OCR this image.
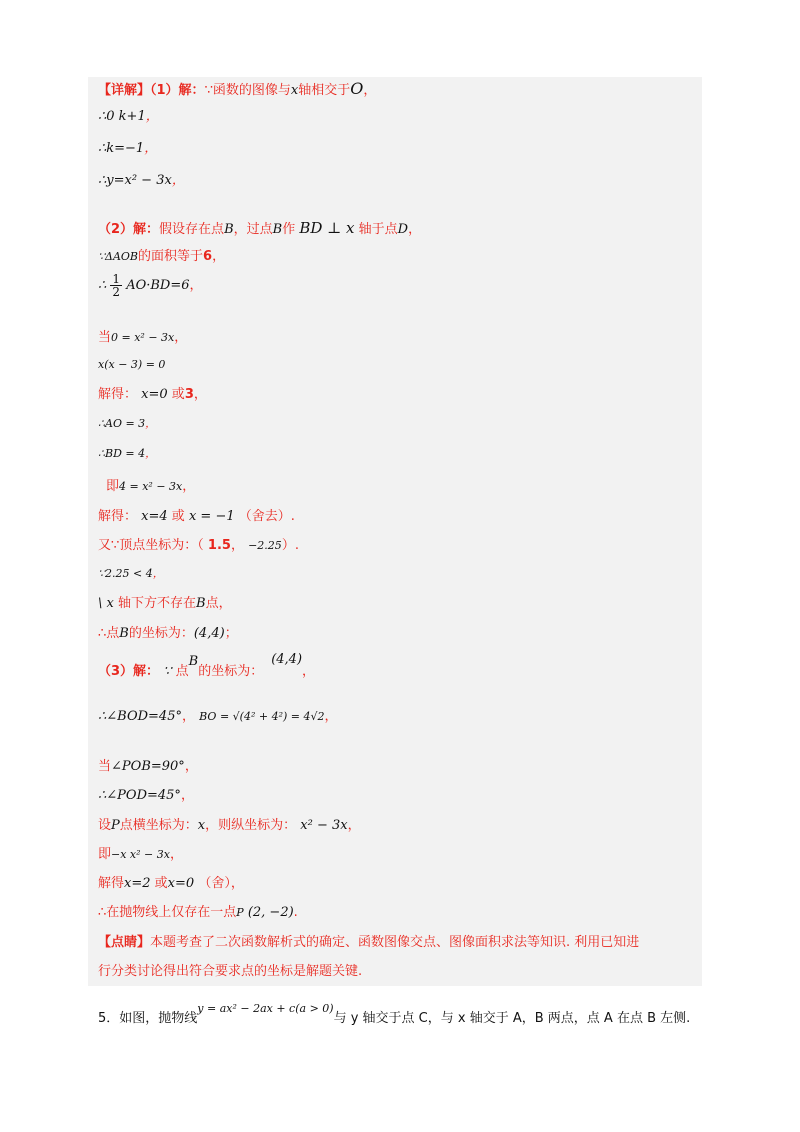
【详解】（1）解：∵函数的图像与x轴相交于O，
∴0 k+1，
∴k=−1，
∴y=x² − 3x，
（2）解：假设存在点B，过点B作 BD ⊥ x 轴于点D，
∵ΔAOB的面积等于6，
∴ $\frac{1}{2} AO\cdot BD=6$，
当0 = x² − 3x，
x(x − 3) = 0
解得： x=0 或3，
∴AO = 3，
∴BD = 4，
即4 = x² − 3x，
解得： x=4 或 x = −1 （舍去）.
又∵顶点坐标为：（ 1.5， −2.25）.
∵2.25 < 4，
\ x 轴下方不存在B点，
∴点B的坐标为：(4,4)；
（3）解： ∵ 点B的坐标为：(4,4)，
∴∠BOD=45°， BO = √(4² + 4²) = 4√2，
当∠POB=90°，
∴∠POD=45°，
设P点横坐标为：x，则纵坐标为： x² − 3x，
即−x x² − 3x，
解得x=2 或x=0 （舍），
∴在抛物线上仅存在一点P (2, −2).
【点睛】本题考查了二次函数解析式的确定、函数图像交点、图像面积求法等知识. 利用已知进
行分类讨论得出符合要求点的坐标是解题关键.
5．如图，抛物线$^{y = ax^2 - 2ax + c(a > 0)}$与 y 轴交于点 C，与 x 轴交于 A，B 两点，点 A 在点 B 左侧.
